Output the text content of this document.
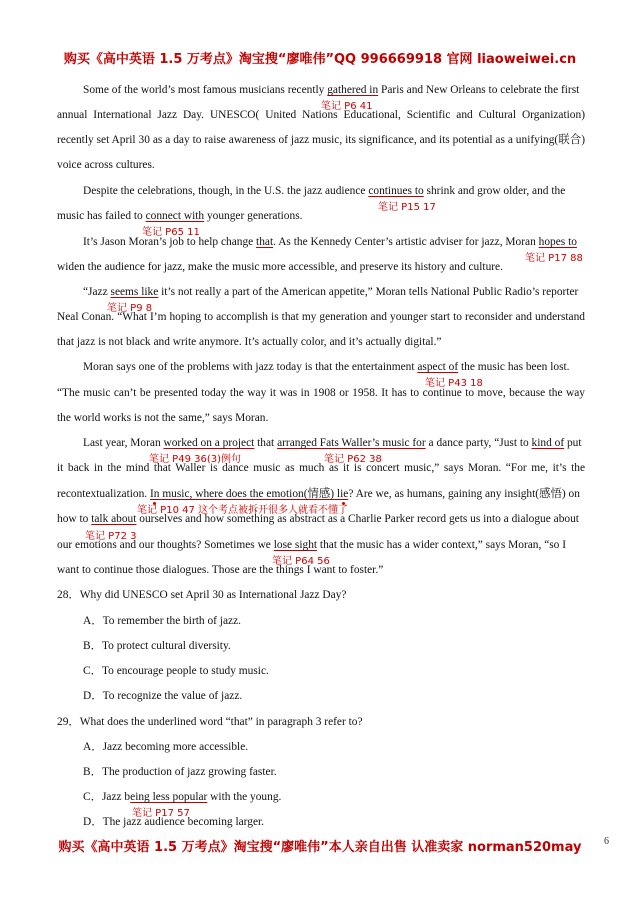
购买《高中英语 1.5 万考点》淘宝搜“廖唯伟”QQ 996669918 官网 liaoweiwei.cn
Some of the world’s most famous musicians recently gathered in Paris and New Orleans to celebrate the first
笔记 P6 41
annual International Jazz Day. UNESCO( United Nations Educational, Scientific and Cultural Organization)
recently set April 30 as a day to raise awareness of jazz music, its significance, and its potential as a unifying(联合)
voice across cultures.
Despite the celebrations, though, in the U.S. the jazz audience continues to shrink and grow older, and the
笔记 P15 17
music has failed to connect with younger generations.
笔记 P65 11
It’s Jason Moran’s job to help change that. As the Kennedy Center’s artistic adviser for jazz, Moran hopes to
笔记 P17 88
widen the audience for jazz, make the music more accessible, and preserve its history and culture.
“Jazz seems like it’s not really a part of the American appetite,” Moran tells National Public Radio’s reporter
笔记 P9 8
Neal Conan. “What I’m hoping to accomplish is that my generation and younger start to reconsider and understand
that jazz is not black and write anymore. It’s actually color, and it’s actually digital.”
Moran says one of the problems with jazz today is that the entertainment aspect of the music has been lost.
笔记 P43 18
“The music can’t be presented today the way it was in 1908 or 1958. It has to continue to move, because the way
the world works is not the same,” says Moran.
Last year, Moran worked on a project that arranged Fats Waller’s music for a dance party, “Just to kind of put
笔记 P49 36(3)例句	笔记 P62 38
it back in the mind that Waller is dance music as much as it is concert music,” says Moran. “For me, it’s the
recontextualization. In music, where does the emotion(情感) lie? Are we, as humans, gaining any insight(感悟) on
笔记 P10 47 这个考点被拆开很多人就看不懂了
how to talk about ourselves and how something as abstract as a Charlie Parker record gets us into a dialogue about
笔记 P72 3
our emotions and our thoughts? Sometimes we lose sight that the music has a wider context,” says Moran, “so I
笔记 P64 56
want to continue those dialogues. Those are the things I want to foster.”
28．Why did UNESCO set April 30 as International Jazz Day?
A．To remember the birth of jazz.
B．To protect cultural diversity.
C．To encourage people to study music.
D．To recognize the value of jazz.
29．What does the underlined word “that” in paragraph 3 refer to?
A．Jazz becoming more accessible.
B．The production of jazz growing faster.
C．Jazz being less popular with the young.
笔记 P17 57
D．The jazz audience becoming larger.
购买《高中英语 1.5 万考点》淘宝搜“廖唯伟”本人亲自出售 认准卖家 norman520may	6
